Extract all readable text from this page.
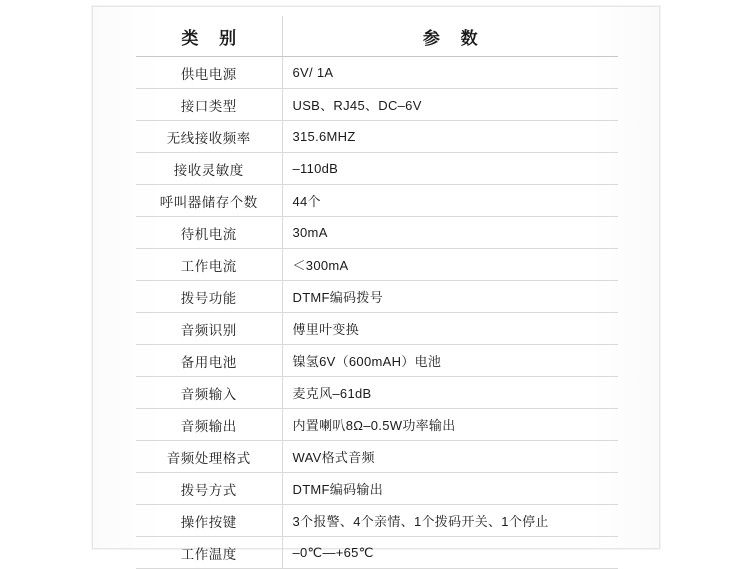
类 别	参 数
供电电源	6V/ 1A
接口类型	USB、RJ45、DC–6V
无线接收频率	315.6MHZ
接收灵敏度	–110dB
呼叫器储存个数	44个
待机电流	30mA
工作电流	＜300mA
拨号功能	DTMF编码拨号
音频识别	傅里叶变换
备用电池	镍氢6V（600mAH）电池
音频输入	麦克风–61dB
音频输出	内置喇叭8Ω–0.5W功率输出
音频处理格式	WAV格式音频
拨号方式	DTMF编码输出
操作按键	3个报警、4个亲情、1个拨码开关、1个停止
工作温度	–0℃—+65℃
